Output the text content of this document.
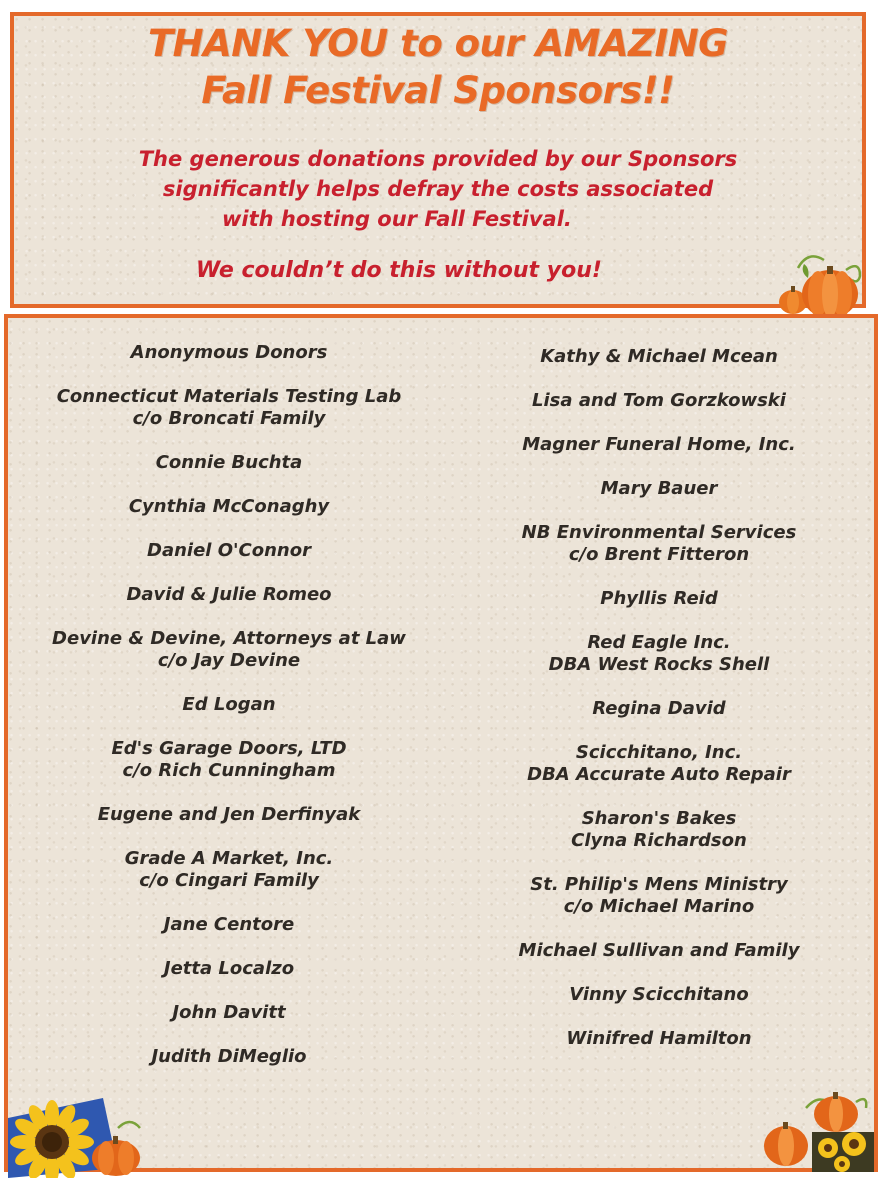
THANK YOU to our AMAZING
Fall Festival Sponsors!!
The generous donations provided by our Sponsors
significantly helps defray the costs associated
with hosting our Fall Festival.
We couldn’t do this without you!
Anonymous Donors
Connecticut Materials Testing Lab
c/o Broncati Family
Connie Buchta
Cynthia McConaghy
Daniel O'Connor
David & Julie Romeo
Devine & Devine, Attorneys at Law
c/o Jay Devine
Ed Logan
Ed's Garage Doors, LTD
c/o Rich Cunningham
Eugene and Jen Derfinyak
Grade A Market, Inc.
c/o Cingari Family
Jane Centore
Jetta Localzo
John Davitt
Judith DiMeglio
Kathy & Michael Mcean
Lisa and Tom Gorzkowski
Magner Funeral Home, Inc.
Mary Bauer
NB Environmental Services
c/o Brent Fitteron
Phyllis Reid
Red Eagle Inc.
DBA West Rocks Shell
Regina David
Scicchitano, Inc.
DBA Accurate Auto Repair
Sharon's Bakes
Clyna Richardson
St. Philip's Mens Ministry
c/o Michael Marino
Michael Sullivan and Family
Vinny Scicchitano
Winifred Hamilton
